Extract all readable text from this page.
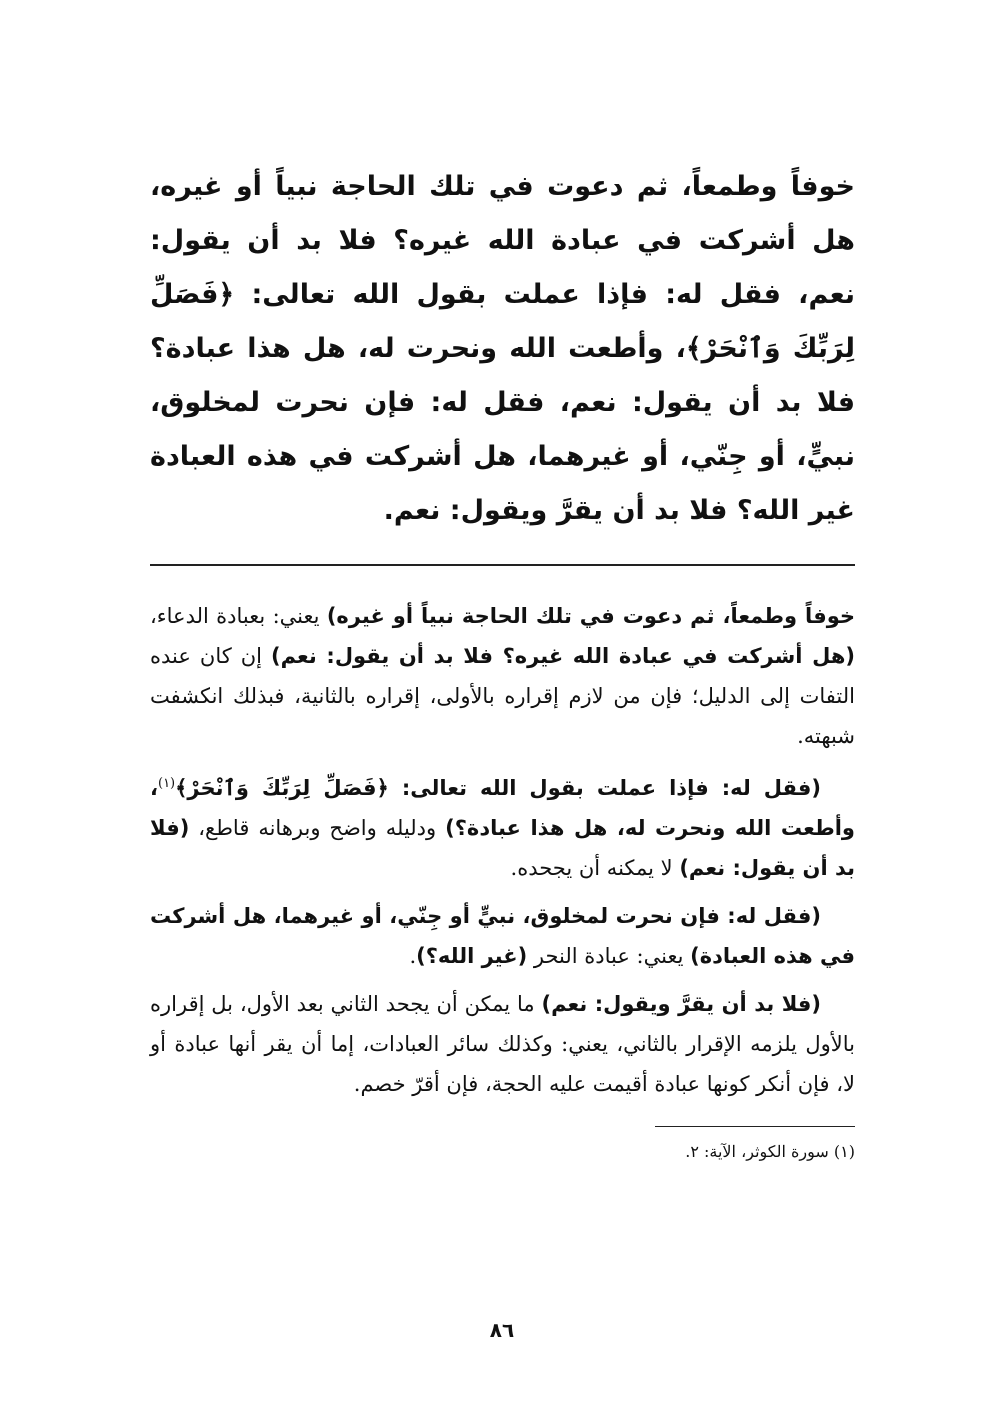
خوفاً وطمعاً، ثم دعوت في تلك الحاجة نبياً أو غيره، هل أشركت في عبادة الله غيره؟ فلا بد أن يقول: نعم، فقل له: فإذا عملت بقول الله تعالى: ﴿فَصَلِّ لِرَبِّكَ وَٱنْحَرْ﴾، وأطعت الله ونحرت له، هل هذا عبادة؟ فلا بد أن يقول: نعم، فقل له: فإن نحرت لمخلوق، نبيٍّ، أو جِنّي، أو غيرهما، هل أشركت في هذه العبادة غير الله؟ فلا بد أن يقرَّ ويقول: نعم.

خوفاً وطمعاً، ثم دعوت في تلك الحاجة نبياً أو غيره) يعني: بعبادة الدعاء، (هل أشركت في عبادة الله غيره؟ فلا بد أن يقول: نعم) إن كان عنده التفات إلى الدليل؛ فإن من لازم إقراره بالأولى، إقراره بالثانية، فبذلك انكشفت شبهته.

(فقل له: فإذا عملت بقول الله تعالى: ﴿فَصَلِّ لِرَبِّكَ وَٱنْحَرْ﴾$^{(١)}$، وأطعت الله ونحرت له، هل هذا عبادة؟) ودليله واضح وبرهانه قاطع، (فلا بد أن يقول: نعم) لا يمكنه أن يجحده.

(فقل له: فإن نحرت لمخلوق، نبيٍّ أو جِنّي، أو غيرهما، هل أشركت في هذه العبادة) يعني: عبادة النحر (غير الله؟).

(فلا بد أن يقرَّ ويقول: نعم) ما يمكن أن يجحد الثاني بعد الأول، بل إقراره بالأول يلزمه الإقرار بالثاني، يعني: وكذلك سائر العبادات، إما أن يقر أنها عبادة أو لا، فإن أنكر كونها عبادة أقيمت عليه الحجة، فإن أقرّ خصم.

(١) سورة الكوثر، الآية: ٢.

٨٦
